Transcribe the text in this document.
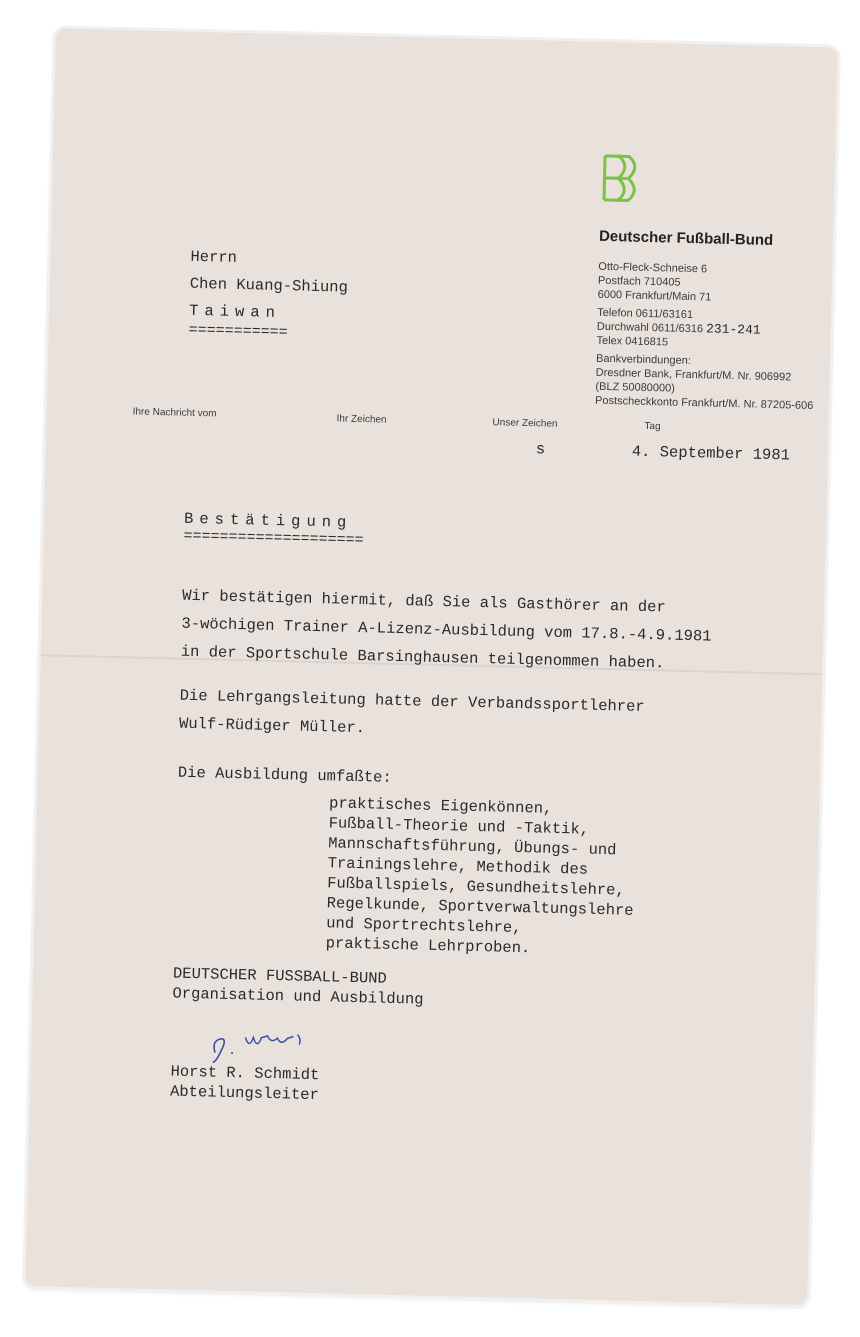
Deutscher Fußball-Bund
Otto-Fleck-Schneise 6
Postfach 710405
6000 Frankfurt/Main 71
Telefon 0611/63161
Durchwahl 0611/6316 231-241
Telex 0416815
Bankverbindungen:
Dresdner Bank, Frankfurt/M. Nr. 906992
(BLZ 50080000)
Postscheckkonto Frankfurt/M. Nr. 87205-606
Herrn
Chen Kuang-Shiung
Taiwan
===========
Ihre Nachricht vom
Ihr Zeichen	Unser Zeichen
s
Tag
4. September 1981
Bestätigung
====================
Wir bestätigen hiermit, daß Sie als Gasthörer an der
3-wöchigen Trainer A-Lizenz-Ausbildung vom 17.8.-4.9.1981
in der Sportschule Barsinghausen teilgenommen haben.
Die Lehrgangsleitung hatte der Verbandssportlehrer
Wulf-Rüdiger Müller.
Die Ausbildung umfaßte:
praktisches Eigenkönnen,
Fußball-Theorie und -Taktik,
Mannschaftsführung, Übungs- und
Trainingslehre, Methodik des
Fußballspiels, Gesundheitslehre,
Regelkunde, Sportverwaltungslehre
und Sportrechtslehre,
praktische Lehrproben.
DEUTSCHER FUSSBALL-BUND
Organisation und Ausbildung
Horst R. Schmidt
Abteilungsleiter
